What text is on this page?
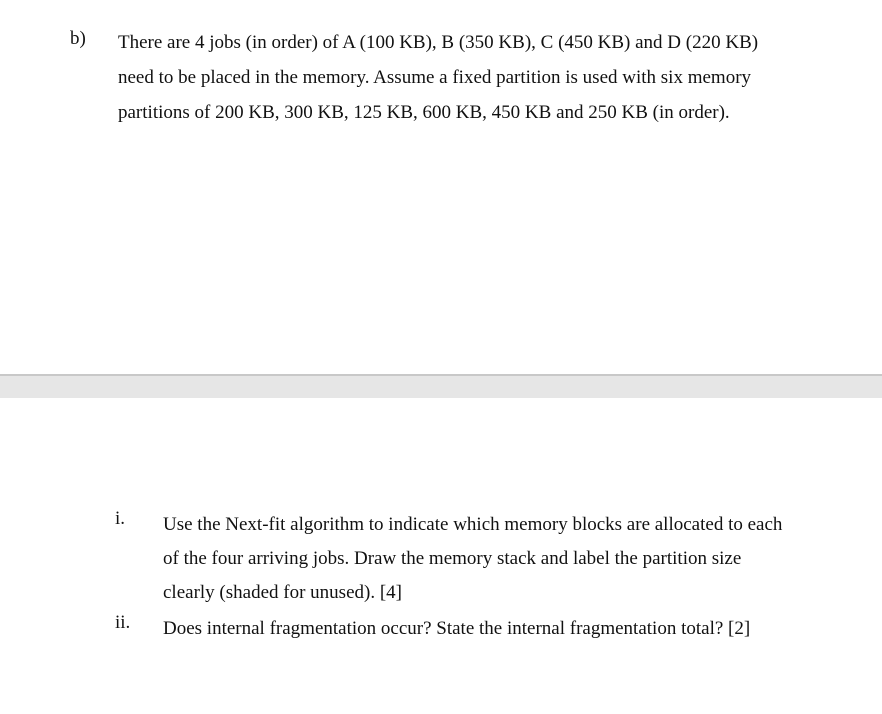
b) There are 4 jobs (in order) of A (100 KB), B (350 KB), C (450 KB) and D (220 KB)
need to be placed in the memory. Assume a fixed partition is used with six memory
partitions of 200 KB, 300 KB, 125 KB, 600 KB, 450 KB and 250 KB (in order).
i. Use the Next-fit algorithm to indicate which memory blocks are allocated to each
of the four arriving jobs. Draw the memory stack and label the partition size
clearly (shaded for unused). [4]
ii. Does internal fragmentation occur? State the internal fragmentation total? [2]
